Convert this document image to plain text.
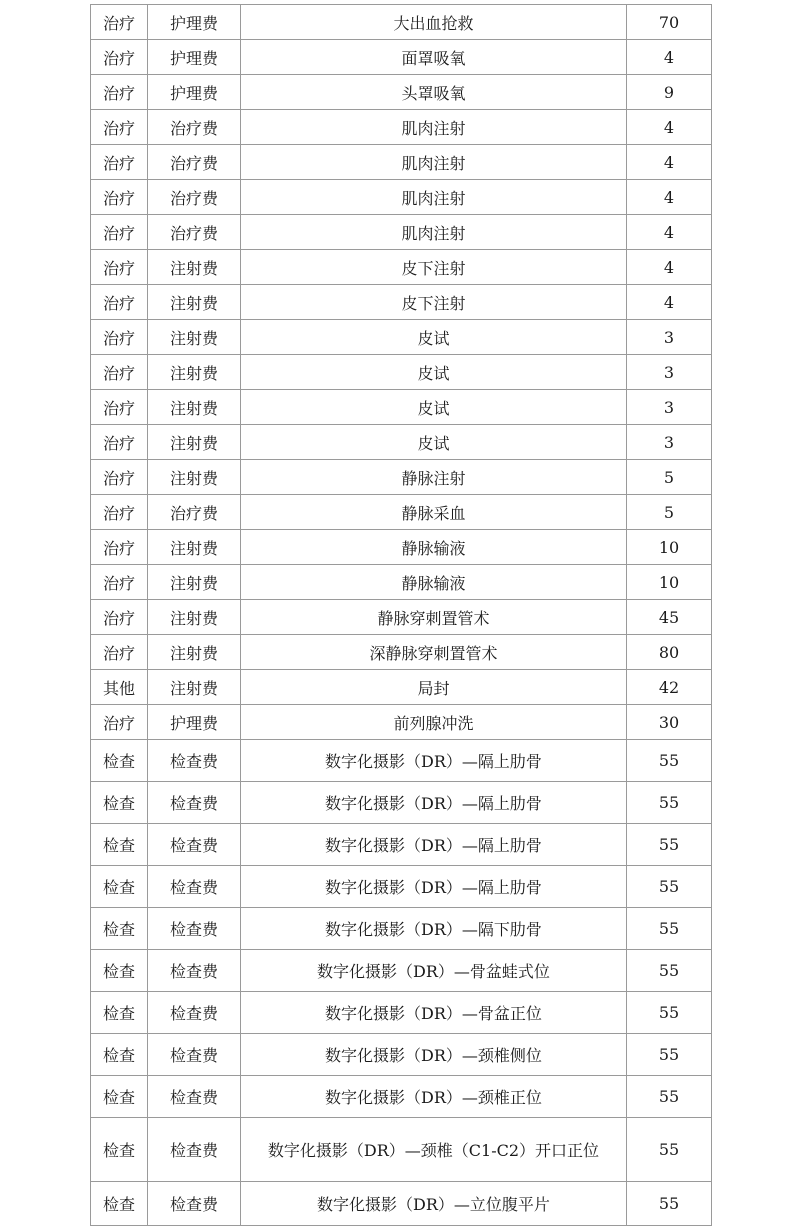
治疗	护理费	大出血抢救	70
治疗	护理费	面罩吸氧	4
治疗	护理费	头罩吸氧	9
治疗	治疗费	肌肉注射	4
治疗	治疗费	肌肉注射	4
治疗	治疗费	肌肉注射	4
治疗	治疗费	肌肉注射	4
治疗	注射费	皮下注射	4
治疗	注射费	皮下注射	4
治疗	注射费	皮试	3
治疗	注射费	皮试	3
治疗	注射费	皮试	3
治疗	注射费	皮试	3
治疗	注射费	静脉注射	5
治疗	治疗费	静脉采血	5
治疗	注射费	静脉输液	10
治疗	注射费	静脉输液	10
治疗	注射费	静脉穿刺置管术	45
治疗	注射费	深静脉穿刺置管术	80
其他	注射费	局封	42
治疗	护理费	前列腺冲洗	30
检查	检查费	数字化摄影（DR）—隔上肋骨	55
检查	检查费	数字化摄影（DR）—隔上肋骨	55
检查	检查费	数字化摄影（DR）—隔上肋骨	55
检查	检查费	数字化摄影（DR）—隔上肋骨	55
检查	检查费	数字化摄影（DR）—隔下肋骨	55
检查	检查费	数字化摄影（DR）—骨盆蛙式位	55
检查	检查费	数字化摄影（DR）—骨盆正位	55
检查	检查费	数字化摄影（DR）—颈椎侧位	55
检查	检查费	数字化摄影（DR）—颈椎正位	55
检查	检查费	数字化摄影（DR）—颈椎（C1-C2）开口正位	55
检查	检查费	数字化摄影（DR）—立位腹平片	55
